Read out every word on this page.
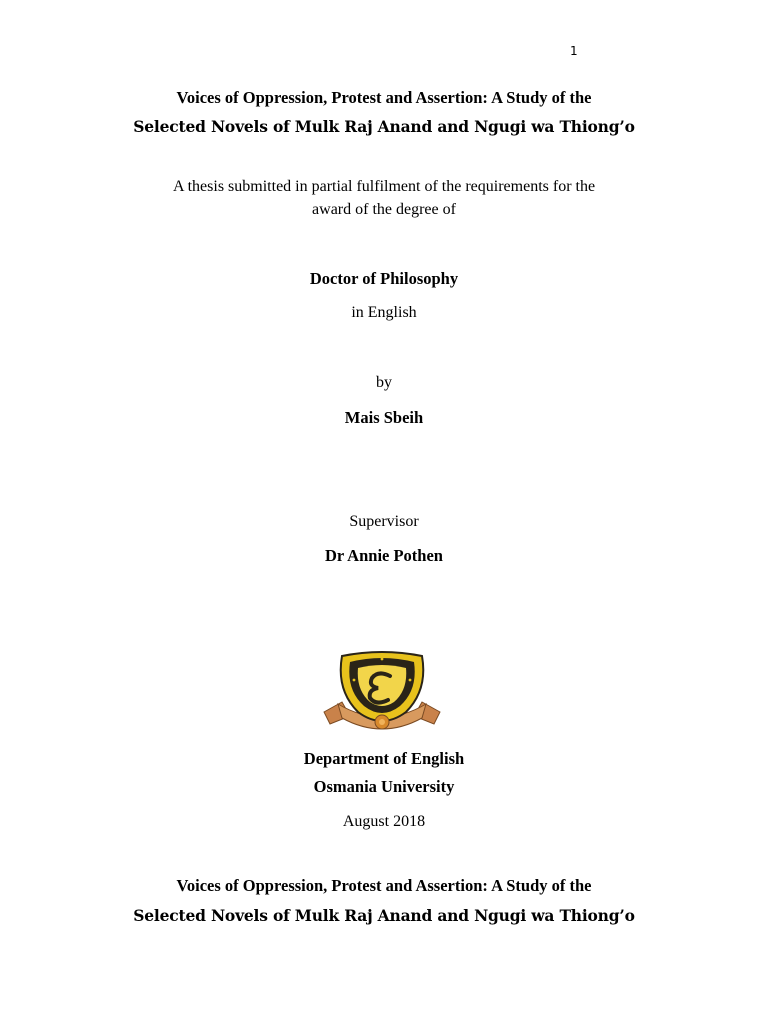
1
Voices of Oppression, Protest and Assertion: A Study of the
Selected Novels of Mulk Raj Anand and Ngugi wa Thiong’o
A thesis submitted in partial fulfilment of the requirements for the
award of the degree of
Doctor of Philosophy
in English
by
Mais Sbeih
Supervisor
Dr Annie Pothen
Department of English
Osmania University
August 2018
Voices of Oppression, Protest and Assertion: A Study of the
Selected Novels of Mulk Raj Anand and Ngugi wa Thiong’o
